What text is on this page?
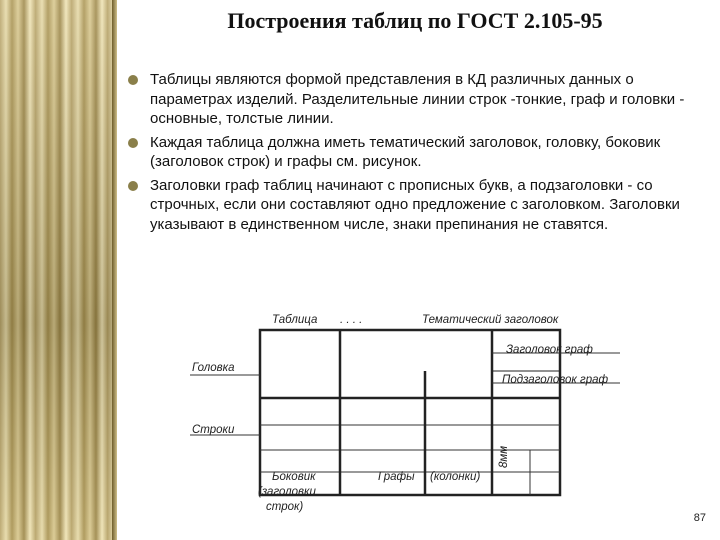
Построения таблиц по ГОСТ 2.105-95
Таблицы являются формой представления в КД различных данных о параметрах изделий. Разделительные линии строк -тонкие, граф и головки - основные, толстые линии.
Каждая таблица должна иметь тематический заголовок, головку, боковик (заголовок строк) и графы см. рисунок.
Заголовки граф таблиц начинают с прописных букв, а подзаголовки - со строчных, если они составляют одно предложение с заголовком. Заголовки указывают в единственном числе, знаки препинания не ставятся.
Таблица . . . .	Тематический заголовок
Заголовок граф
Подзаголовок граф
Головка
Строки
Боковик
(заголовки
строк)
Графы (колонки)
8мм
87
